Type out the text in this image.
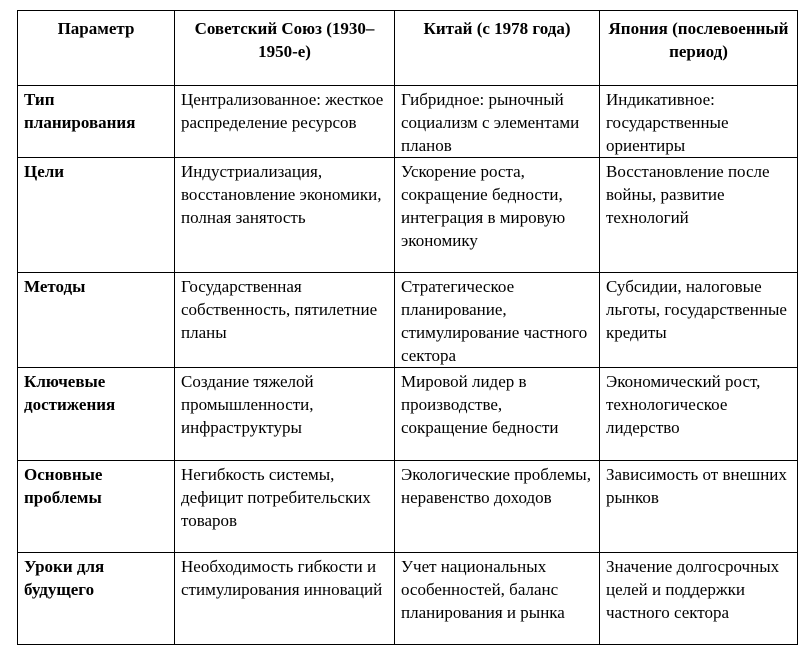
Параметр	Советский Союз (1930–1950-е)	Китай (с 1978 года)	Япония (послевоенный период)
Тип планирования	Централизованное: жесткое распределение ресурсов	Гибридное: рыночный социализм с элементами планов	Индикативное: государственные ориентиры
Цели	Индустриализация, восстановление экономики, полная занятость	Ускорение роста, сокращение бедности, интеграция в мировую экономику	Восстановление после войны, развитие технологий
Методы	Государственная собственность, пятилетние планы	Стратегическое планирование, стимулирование частного сектора	Субсидии, налоговые льготы, государственные кредиты
Ключевые достижения	Создание тяжелой промышленности, инфраструктуры	Мировой лидер в производстве, сокращение бедности	Экономический рост, технологическое лидерство
Основные проблемы	Негибкость системы, дефицит потребительских товаров	Экологические проблемы, неравенство доходов	Зависимость от внешних рынков
Уроки для будущего	Необходимость гибкости и стимулирования инноваций	Учет национальных особенностей, баланс планирования и рынка	Значение долгосрочных целей и поддержки частного сектора
